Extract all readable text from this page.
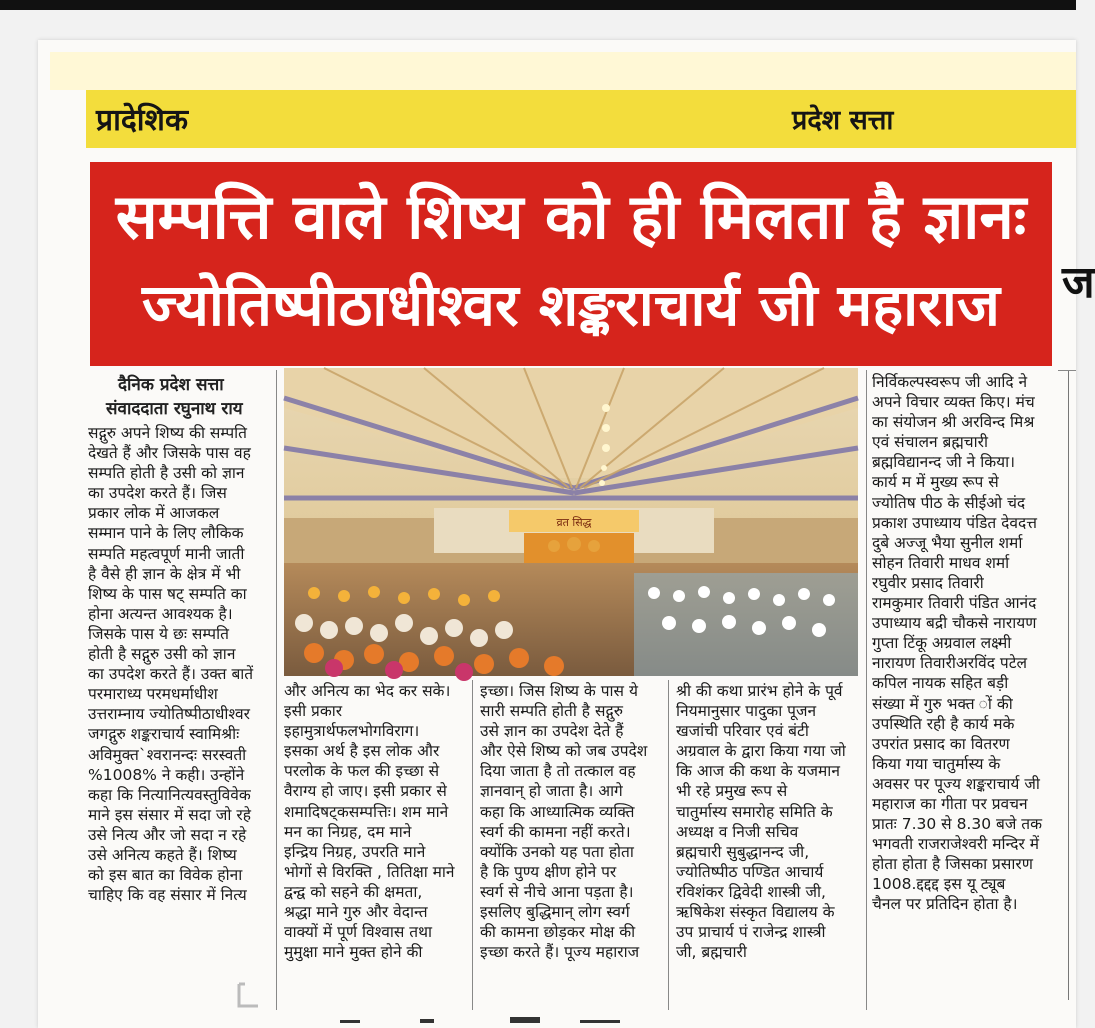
प्रादेशिक	प्रदेश सत्ता
सम्पत्ति वाले शिष्य को ही मिलता है ज्ञानः
ज्योतिष्पीठाधीश्वर शङ्कराचार्य जी महाराज	ज
दैनिक प्रदेश सत्ता
संवाददाता रघुनाथ राय
व्रत सिद्ध
सद्गुरु अपने शिष्य की सम्पति
देखते हैं और जिसके पास वह
सम्पति होती है उसी को ज्ञान
का उपदेश करते हैं। जिस
प्रकार लोक में आजकल
सम्मान पाने के लिए लौकिक
सम्पति महत्वपूर्ण मानी जाती
है वैसे ही ज्ञान के क्षेत्र में भी
शिष्य के पास षट् सम्पति का
होना अत्यन्त आवश्यक है।
जिसके पास ये छः सम्पति
होती है सद्गुरु उसी को ज्ञान
का उपदेश करते हैं। उक्त बातें
परमाराध्य परमधर्माधीश
उत्तराम्नाय ज्योतिष्पीठाधीश्वर
जगद्गुरु शङ्कराचार्य स्वामिश्रीः
अविमुक्त`श्वरानन्दः सरस्वती
%1008% ने कही। उन्होंने
कहा कि नित्यानित्यवस्तुविवेक
माने इस संसार में सदा जो रहे
उसे नित्य और जो सदा न रहे
उसे अनित्य कहते हैं। शिष्य
को इस बात का विवेक होना
चाहिए कि वह संसार में नित्य
और अनित्य का भेद कर सके।
इसी प्रकार
इहामुत्रार्थफलभोगविराग।
इसका अर्थ है इस लोक और
परलोक के फल की इच्छा से
वैराग्य हो जाए। इसी प्रकार से
शमादिषट्कसम्पत्तिः। शम माने
मन का निग्रह, दम माने
इन्द्रिय निग्रह, उपरति माने
भोगों से विरक्ति , तितिक्षा माने
द्वन्द्व को सहने की क्षमता,
श्रद्धा माने गुरु और वेदान्त
वाक्यों में पूर्ण विश्वास तथा
मुमुक्षा माने मुक्त होने की
इच्छा। जिस शिष्य के पास ये
सारी सम्पति होती है सद्गुरु
उसे ज्ञान का उपदेश देते हैं
और ऐसे शिष्य को जब उपदेश
दिया जाता है तो तत्काल वह
ज्ञानवान् हो जाता है। आगे
कहा कि आध्यात्मिक व्यक्ति
स्वर्ग की कामना नहीं करते।
क्योंकि उनको यह पता होता
है कि पुण्य क्षीण होने पर
स्वर्ग से नीचे आना पड़ता है।
इसलिए बुद्धिमान् लोग स्वर्ग
की कामना छोड़कर मोक्ष की
इच्छा करते हैं। पूज्य महाराज
श्री की कथा प्रारंभ होने के पूर्व
नियमानुसार पादुका पूजन
खजांची परिवार एवं बंटी
अग्रवाल के द्वारा किया गया जो
कि आज की कथा के यजमान
भी रहे प्रमुख रूप से
चातुर्मास्य समारोह समिति के
अध्यक्ष व निजी सचिव
ब्रह्मचारी सुबुद्धानन्द जी,
ज्योतिष्पीठ पण्डित आचार्य
रविशंकर द्विवेदी शास्त्री जी,
ऋषिकेश संस्कृत विद्यालय के
उप प्राचार्य पं राजेन्द्र शास्त्री
जी, ब्रह्मचारी
निर्विकल्पस्वरूप जी आदि ने
अपने विचार व्यक्त किए। मंच
का संयोजन श्री अरविन्द मिश्र
एवं संचालन ब्रह्मचारी
ब्रह्मविद्यानन्द जी ने किया।
कार्य म में मुख्य रूप से
ज्योतिष पीठ के सीईओ चंद
प्रकाश उपाध्याय पंडित देवदत्त
दुबे अज्जू भैया सुनील शर्मा
सोहन तिवारी माधव शर्मा
रघुवीर प्रसाद तिवारी
रामकुमार तिवारी पंडित आनंद
उपाध्याय बद्री चौकसे नारायण
गुप्ता टिंकू अग्रवाल लक्ष्मी
नारायण तिवारीअरविंद पटेल
कपिल नायक सहित बड़ी
संख्या में गुरु भक्त ों की
उपस्थिति रही है कार्य मके
उपरांत प्रसाद का वितरण
किया गया चातुर्मास्य के
अवसर पर पूज्य शङ्कराचार्य जी
महाराज का गीता पर प्रवचन
प्रातः 7.30 से 8.30 बजे तक
भगवती राजराजेश्वरी मन्दिर में
होता होता है जिसका प्रसारण
1008.द्दद्दद्द इस यू ट्यूब
चैनल पर प्रतिदिन होता है।
